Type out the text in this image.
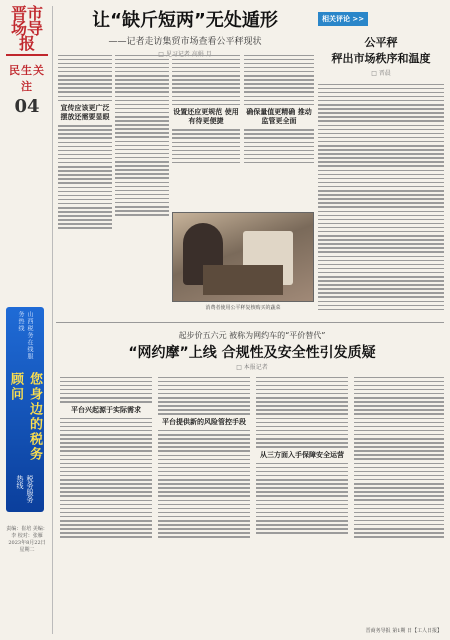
晋市场导报
民生关注
04
山西税务在线服务热线
您身边的税务顾问
税务服务热线
责编：崔培 美编：李 校对：张雁 2023年8月22日 星期二
让“缺斤短两”无处遁形
——记者走访集贸市场查看公平秤现状
宣传应该更广泛 摆放还需要显眼
设置还应更规范 使用有待更便捷
确保量值更精确 推动监管更全面
消费者使用公平秤复核购买的蔬菜
相关评论 >>
公平秤
秤出市场秩序和温度
□ 晋晨
起步价五六元 被称为网约车的“平价替代”
“网约摩”上线 合规性及安全性引发质疑
□ 本报记者
平台兴起源于实际需求
平台提供新的风险管控手段
从三方面入手保障安全运营
晋商务导报 第1期 日【工人日报】
